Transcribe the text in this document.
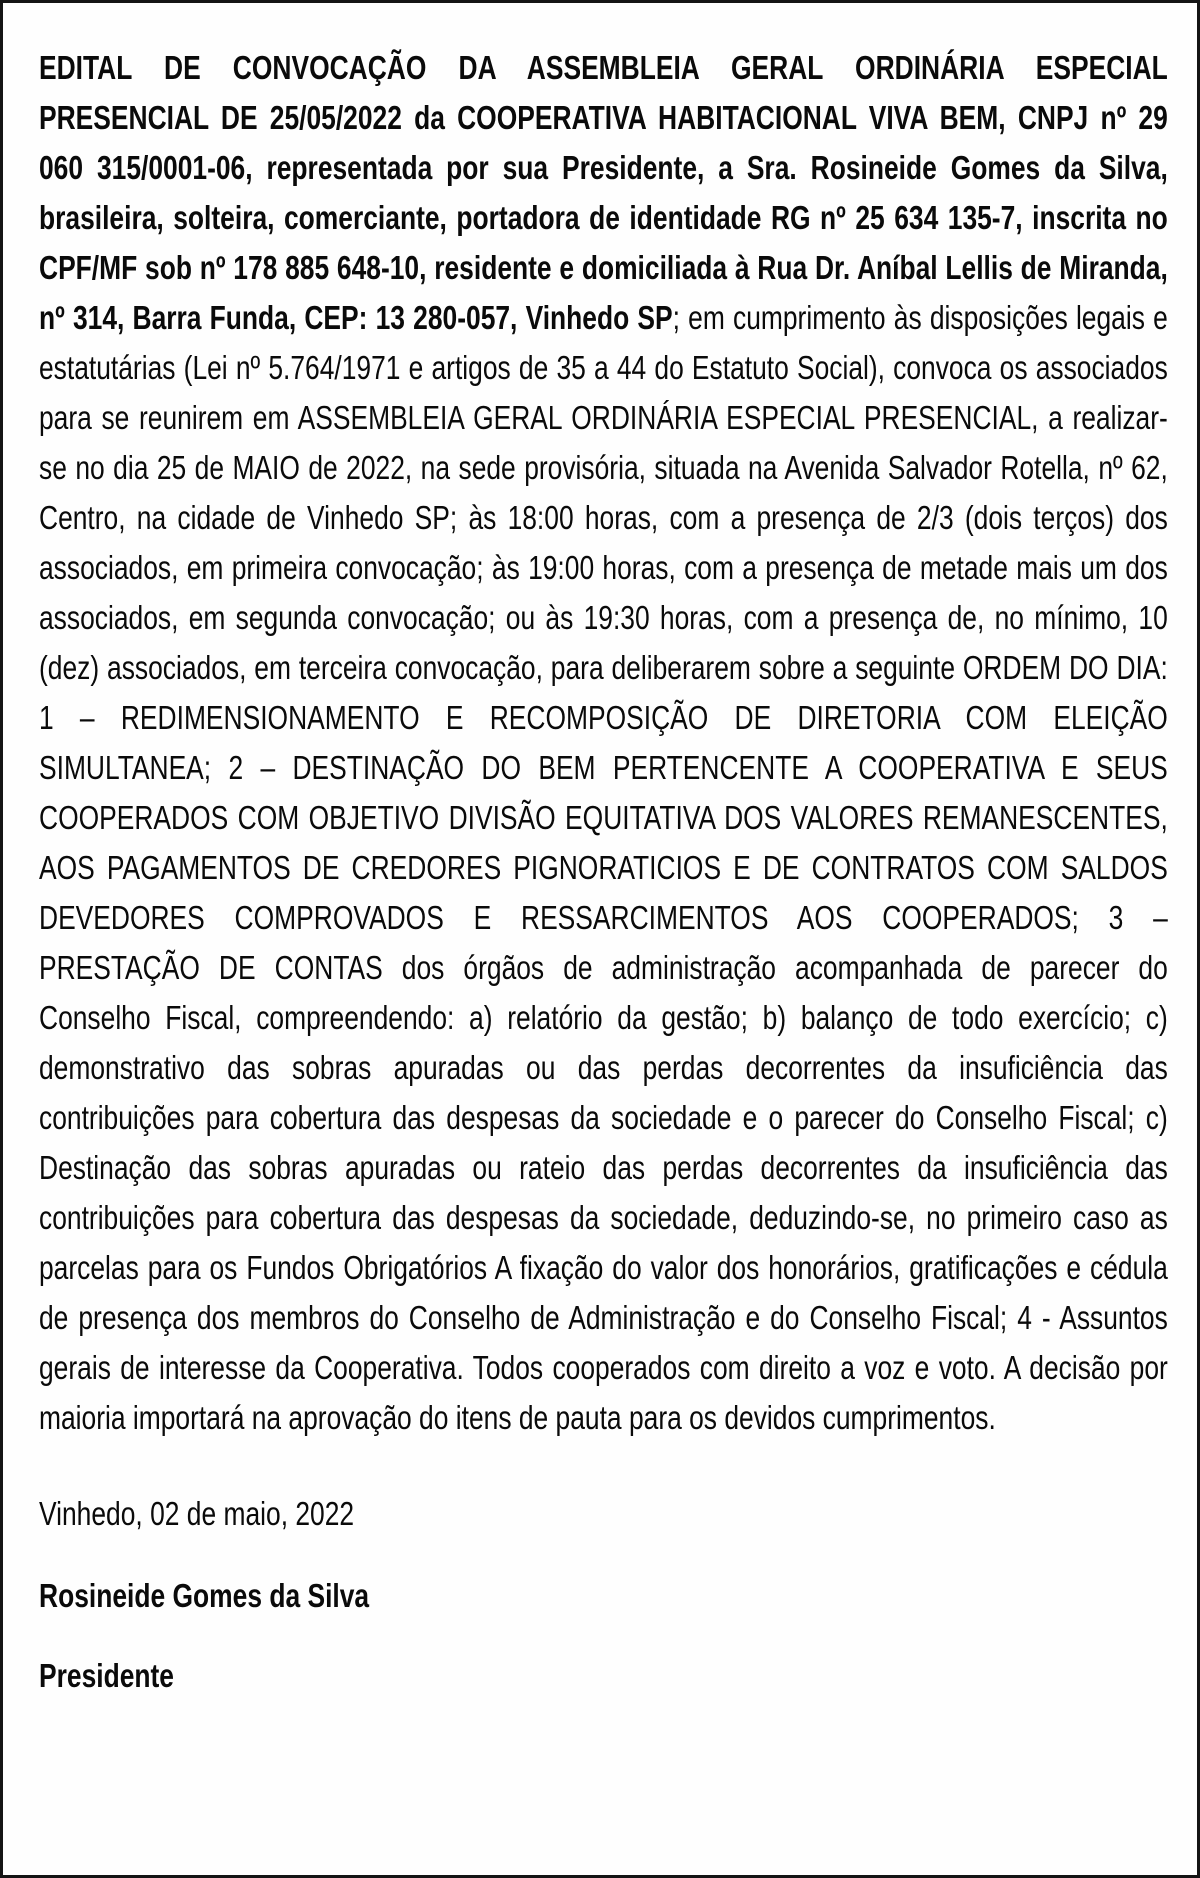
EDITAL DE CONVOCAÇÃO DA ASSEMBLEIA GERAL ORDINÁRIA ESPECIAL PRESENCIAL DE 25/05/2022 da COOPERATIVA HABITACIONAL VIVA BEM, CNPJ nº 29 060 315/0001-06, representada por sua Presidente, a Sra. Rosineide Gomes da Silva, brasileira, solteira, comerciante, portadora de identidade RG nº 25 634 135-7, inscrita no CPF/MF sob nº 178 885 648-10, residente e domiciliada à Rua Dr. Aníbal Lellis de Miranda, nº 314, Barra Funda, CEP: 13 280-057, Vinhedo SP; em cumprimento às disposições legais e estatutárias (Lei nº 5.764/1971 e artigos de 35 a 44 do Estatuto Social), convoca os associados para se reunirem em ASSEMBLEIA GERAL ORDINÁRIA ESPECIAL PRESENCIAL, a realizar-se no dia 25 de MAIO de 2022, na sede provisória, situada na Avenida Salvador Rotella, nº 62, Centro, na cidade de Vinhedo SP; às 18:00 horas, com a presença de 2/3 (dois terços) dos associados, em primeira convocação; às 19:00 horas, com a presença de metade mais um dos associados, em segunda convocação; ou às 19:30 horas, com a presença de, no mínimo, 10 (dez) associados, em terceira convocação, para deliberarem sobre a seguinte ORDEM DO DIA: 1 – REDIMENSIONAMENTO E RECOMPOSIÇÃO DE DIRETORIA COM ELEIÇÃO SIMULTANEA; 2 – DESTINAÇÃO DO BEM PERTENCENTE A COOPERATIVA E SEUS COOPERADOS COM OBJETIVO DIVISÃO EQUITATIVA DOS VALORES REMANESCENTES, AOS PAGAMENTOS DE CREDORES PIGNORATICIOS E DE CONTRATOS COM SALDOS DEVEDORES COMPROVADOS E RESSARCIMENTOS AOS COOPERADOS; 3 – PRESTAÇÃO DE CONTAS dos órgãos de administração acompanhada de parecer do Conselho Fiscal, compreendendo: a) relatório da gestão; b) balanço de todo exercício; c) demonstrativo das sobras apuradas ou das perdas decorrentes da insuficiência das contribuições para cobertura das despesas da sociedade e o parecer do Conselho Fiscal; c) Destinação das sobras apuradas ou rateio das perdas decorrentes da insuficiência das contribuições para cobertura das despesas da sociedade, deduzindo-se, no primeiro caso as parcelas para os Fundos Obrigatórios A fixação do valor dos honorários, gratificações e cédula de presença dos membros do Conselho de Administração e do Conselho Fiscal; 4 - Assuntos gerais de interesse da Cooperativa. Todos cooperados com direito a voz e voto. A decisão por maioria importará na aprovação do itens de pauta para os devidos cumprimentos.

Vinhedo, 02 de maio, 2022

Rosineide Gomes da Silva

Presidente
